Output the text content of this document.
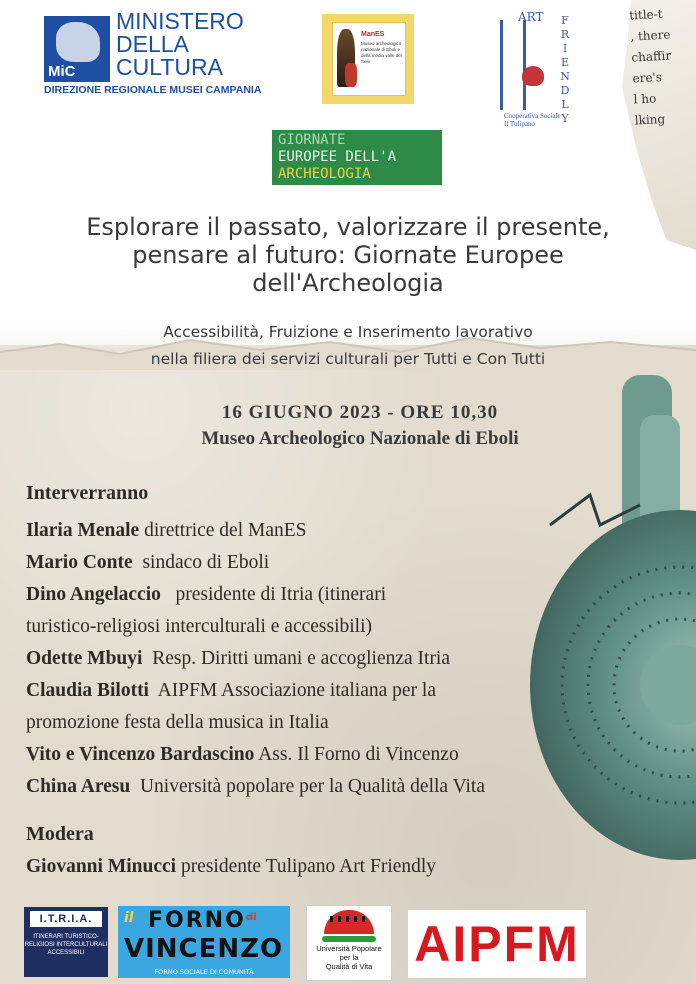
title-t
, there
chaffir
ere's
l ho
lking
MiC
MINISTERO
DELLA
CULTURA
DIREZIONE REGIONALE MUSEI CAMPANIA
ManES
Museo archeologico nazionale di Eboli e della media valle del Sele
ART F
R
I
E
N
D
L
Y
Cooperativa Sociale
Il Tulipano
GIORNATE
EUROPEE DELL'A
ARCHEOLOGIA
Esplorare il passato, valorizzare il presente,
pensare al futuro: Giornate Europee
dell'Archeologia
Accessibilità, Fruizione e Inserimento lavorativo
nella filiera dei servizi culturali per Tutti e Con Tutti
16 GIUGNO 2023 - ORE 10,30
Museo Archeologico Nazionale di Eboli
Interverranno
Ilaria Menale direttrice del ManES
Mario Conte  sindaco di Eboli
Dino Angelaccio   presidente di Itria (itinerari
turistico-religiosi interculturali e accessibili)
Odette Mbuyi  Resp. Diritti umani e accoglienza Itria
Claudia Bilotti  AIPFM Associazione italiana per la
promozione festa della musica in Italia
Vito e Vincenzo Bardascino Ass. Il Forno di Vincenzo
China Aresu  Università popolare per la Qualità della Vita
Modera
Giovanni Minucci presidente Tulipano Art Friendly
I.T.R.I.A.
ITINERARI TURISTICO-RELIGIOSI INTERCULTURALI ACCESSIBILI
il FORNO di
VINCENZO
FORNO SOCIALE DI COMUNITÀ
Università Popolare
per la
Qualità di Vita AIPFM
